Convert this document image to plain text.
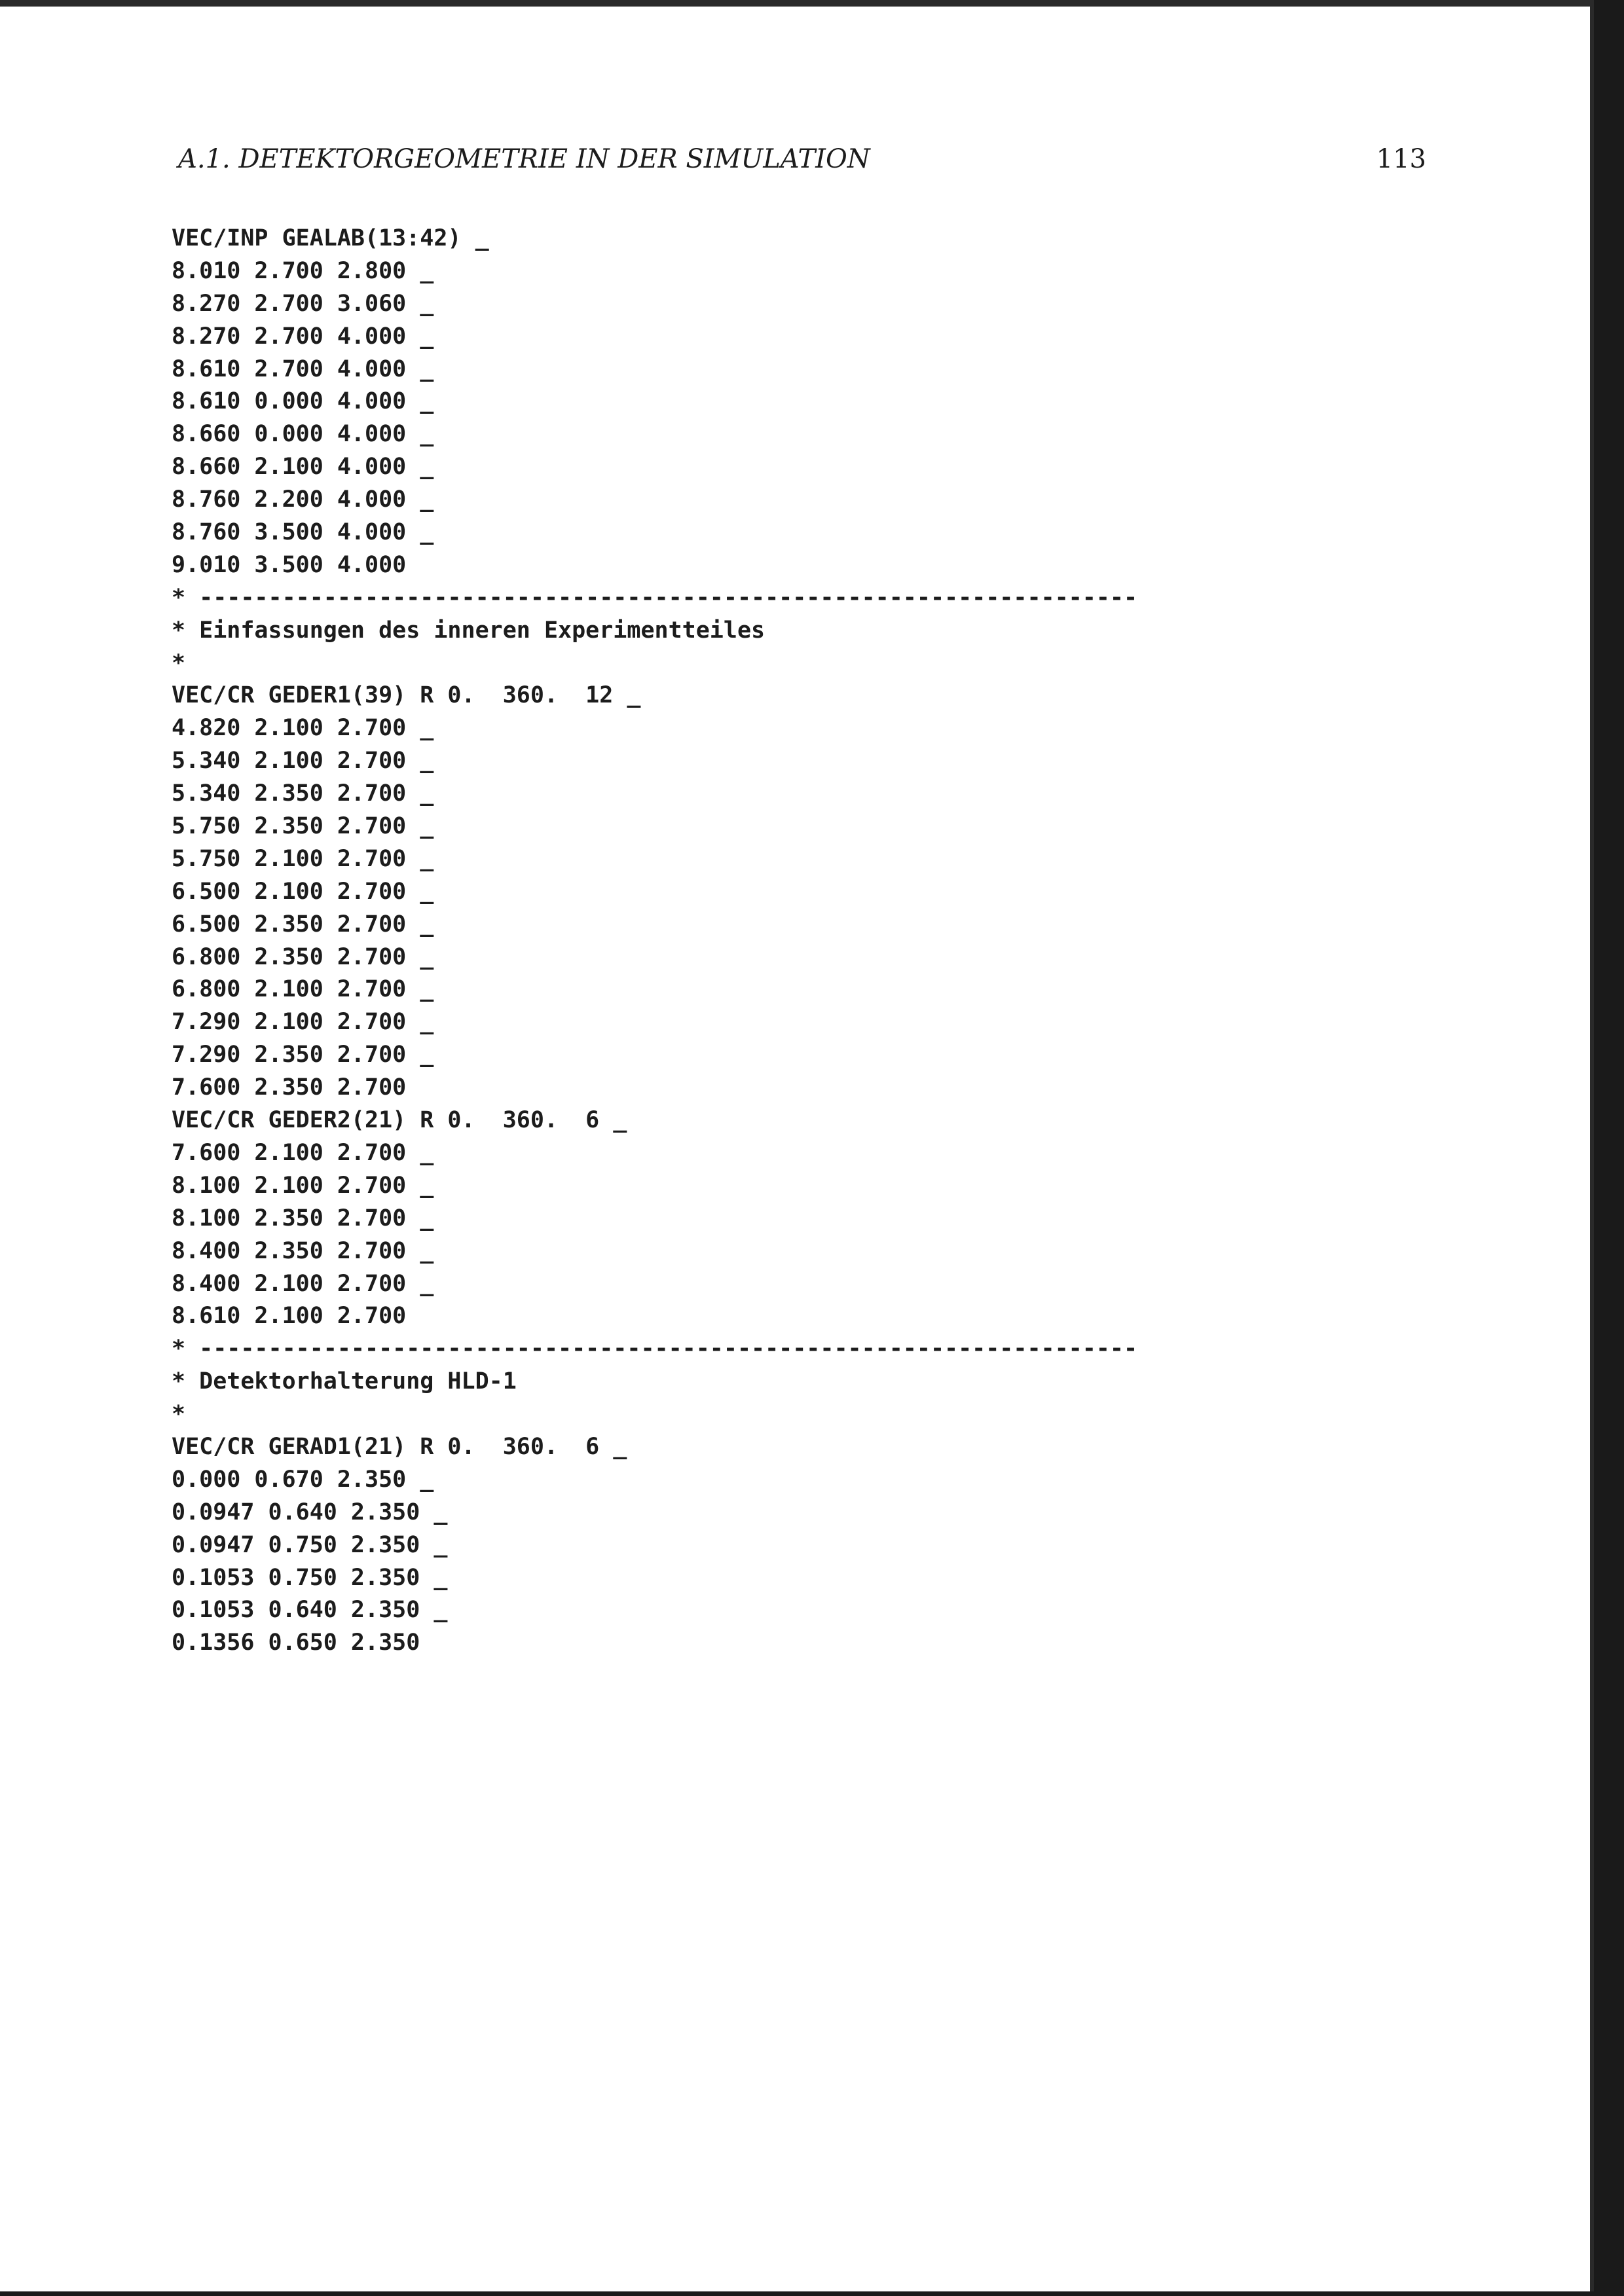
A.1. DETEKTORGEOMETRIE IN DER SIMULATION	113
VEC/INP GEALAB(13:42) _
8.010 2.700 2.800 _
8.270 2.700 3.060 _
8.270 2.700 4.000 _
8.610 2.700 4.000 _
8.610 0.000 4.000 _
8.660 0.000 4.000 _
8.660 2.100 4.000 _
8.760 2.200 4.000 _
8.760 3.500 4.000 _
9.010 3.500 4.000
* --------------------------------------------------------------------
* Einfassungen des inneren Experimentteiles
*
VEC/CR GEDER1(39) R 0.  360.  12 _
4.820 2.100 2.700 _
5.340 2.100 2.700 _
5.340 2.350 2.700 _
5.750 2.350 2.700 _
5.750 2.100 2.700 _
6.500 2.100 2.700 _
6.500 2.350 2.700 _
6.800 2.350 2.700 _
6.800 2.100 2.700 _
7.290 2.100 2.700 _
7.290 2.350 2.700 _
7.600 2.350 2.700
VEC/CR GEDER2(21) R 0.  360.  6 _
7.600 2.100 2.700 _
8.100 2.100 2.700 _
8.100 2.350 2.700 _
8.400 2.350 2.700 _
8.400 2.100 2.700 _
8.610 2.100 2.700
* --------------------------------------------------------------------
* Detektorhalterung HLD-1
*
VEC/CR GERAD1(21) R 0.  360.  6 _
0.000 0.670 2.350 _
0.0947 0.640 2.350 _
0.0947 0.750 2.350 _
0.1053 0.750 2.350 _
0.1053 0.640 2.350 _
0.1356 0.650 2.350
